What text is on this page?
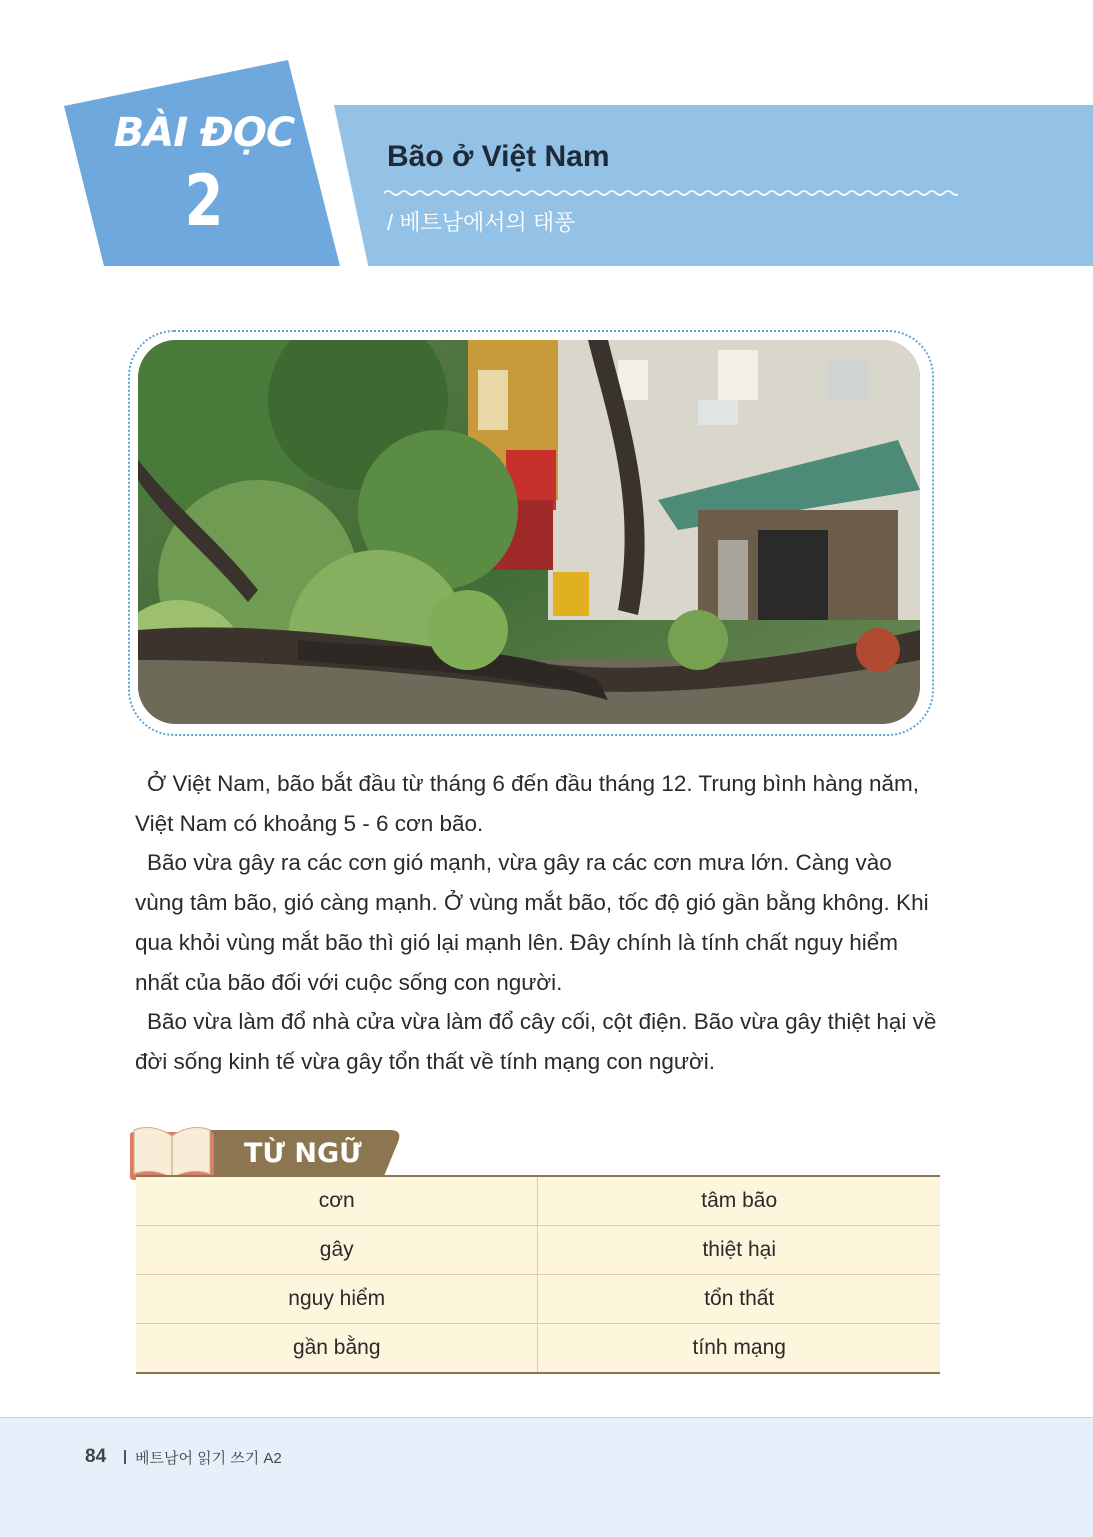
BÀI ĐỌC
2
Bão ở Việt Nam
/ 베트남에서의 태풍

Ở Việt Nam, bão bắt đầu từ tháng 6 đến đầu tháng 12. Trung bình hàng năm, Việt Nam có khoảng 5 - 6 cơn bão.

Bão vừa gây ra các cơn gió mạnh, vừa gây ra các cơn mưa lớn. Càng vào vùng tâm bão, gió càng mạnh. Ở vùng mắt bão, tốc độ gió gần bằng không. Khi qua khỏi vùng mắt bão thì gió lại mạnh lên. Đây chính là tính chất nguy hiểm nhất của bão đối với cuộc sống con người.

Bão vừa làm đổ nhà cửa vừa làm đổ cây cối, cột điện. Bão vừa gây thiệt hại về đời sống kinh tế vừa gây tổn thất về tính mạng con người.

TỪ NGỮ
cơn	tâm bão
gây	thiệt hại
nguy hiểm	tổn thất
gần bằng	tính mạng
84 베트남어 읽기 쓰기 A2
